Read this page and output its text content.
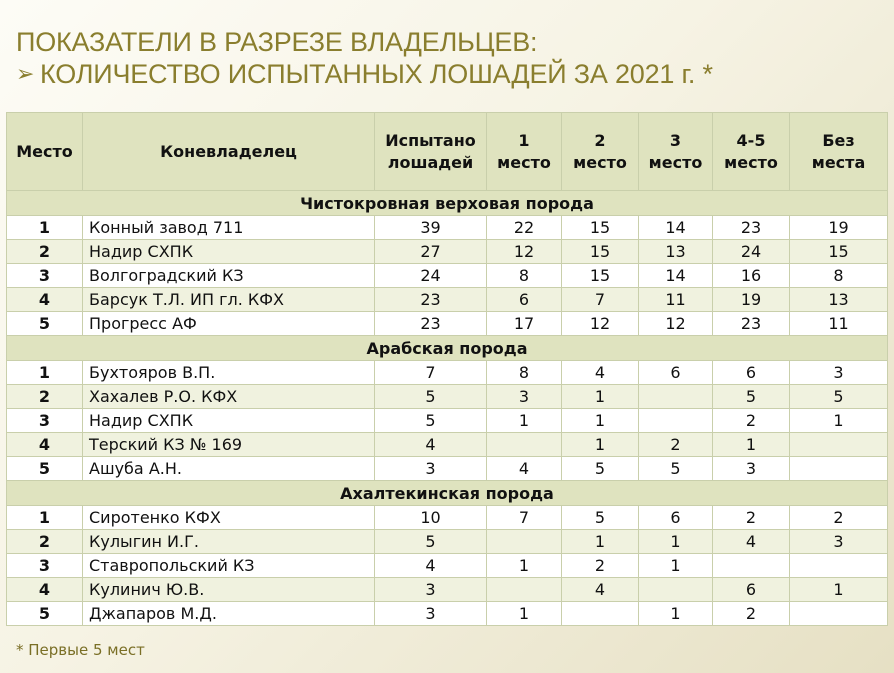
ПОКАЗАТЕЛИ В РАЗРЕЗЕ ВЛАДЕЛЬЦЕВ:
➢ КОЛИЧЕСТВО ИСПЫТАННЫХ ЛОШАДЕЙ ЗА 2021 г. *
Место	Коневладелец	Испытано лошадей	1 место	2 место	3 место	4-5 место	Без места
Чистокровная верховая порода							
1	Конный завод 711	39	22	15	14	23	19
2	Надир СХПК	27	12	15	13	24	15
3	Волгоградский КЗ	24	8	15	14	16	8
4	Барсук Т.Л. ИП гл. КФХ	23	6	7	11	19	13
5	Прогресс АФ	23	17	12	12	23	11
Арабская порода							
1	Бухтояров В.П.	7	8	4	6	6	3
2	Хахалев Р.О. КФХ	5	3	1		5	5
3	Надир СХПК	5	1	1		2	1
4	Терский КЗ № 169	4		1	2	1	
5	Ашуба А.Н.	3	4	5	5	3	
Ахалтекинская порода							
1	Сиротенко КФХ	10	7	5	6	2	2
2	Кулыгин И.Г.	5		1	1	4	3
3	Ставропольский КЗ	4	1	2	1		
4	Кулинич Ю.В.	3		4		6	1
5	Джапаров М.Д.	3	1		1	2	
* Первые 5 мест
